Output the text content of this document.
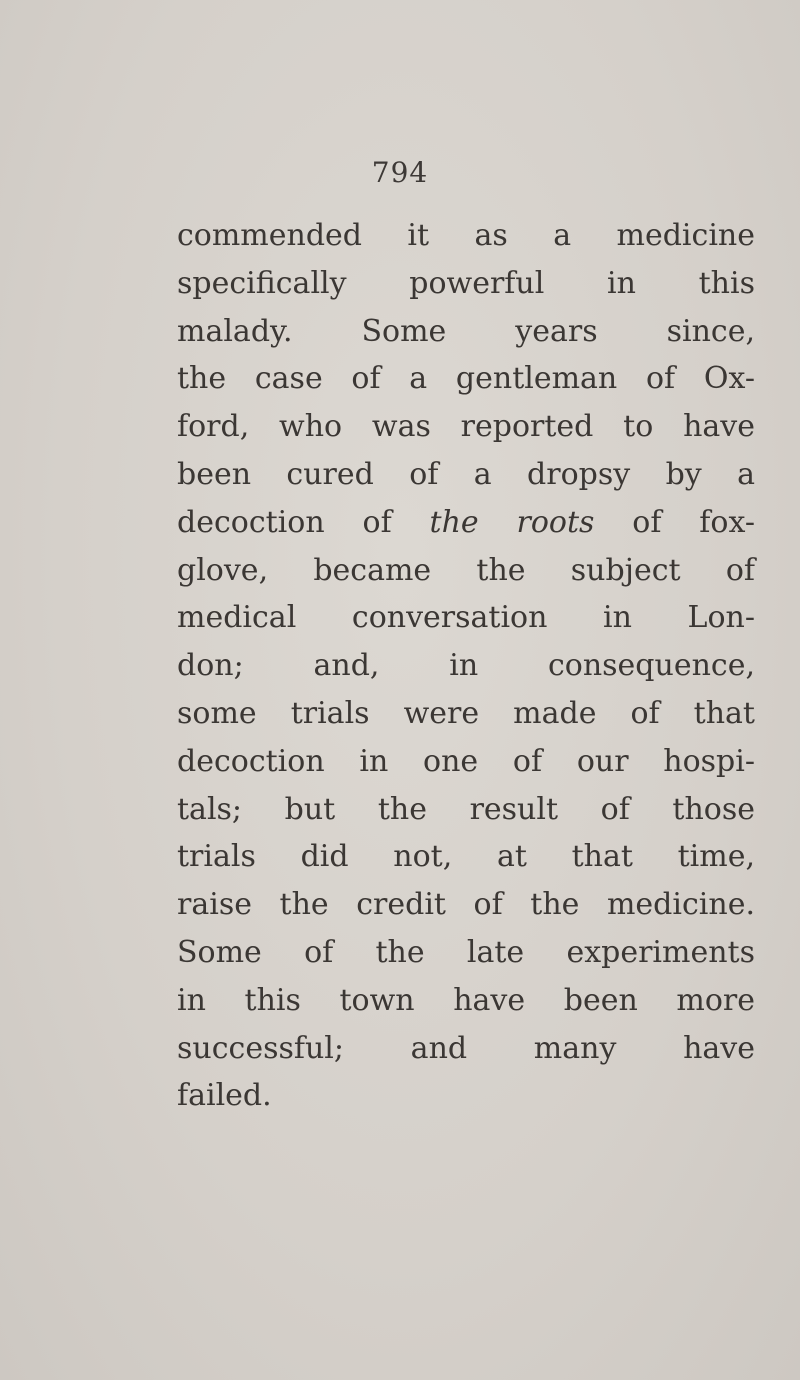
794
commended it as a medicine
specifically powerful in this
malady. Some years since,
the case of a gentleman of Ox-
ford, who was reported to have
been cured of a dropsy by a
decoction of the roots of fox-
glove, became the subject of
medical conversation in Lon-
don; and, in consequence,
some trials were made of that
decoction in one of our hospi-
tals; but the result of those
trials did not, at that time,
raise the credit of the medicine.
Some of the late experiments
in this town have been more
successful; and many have
failed.
